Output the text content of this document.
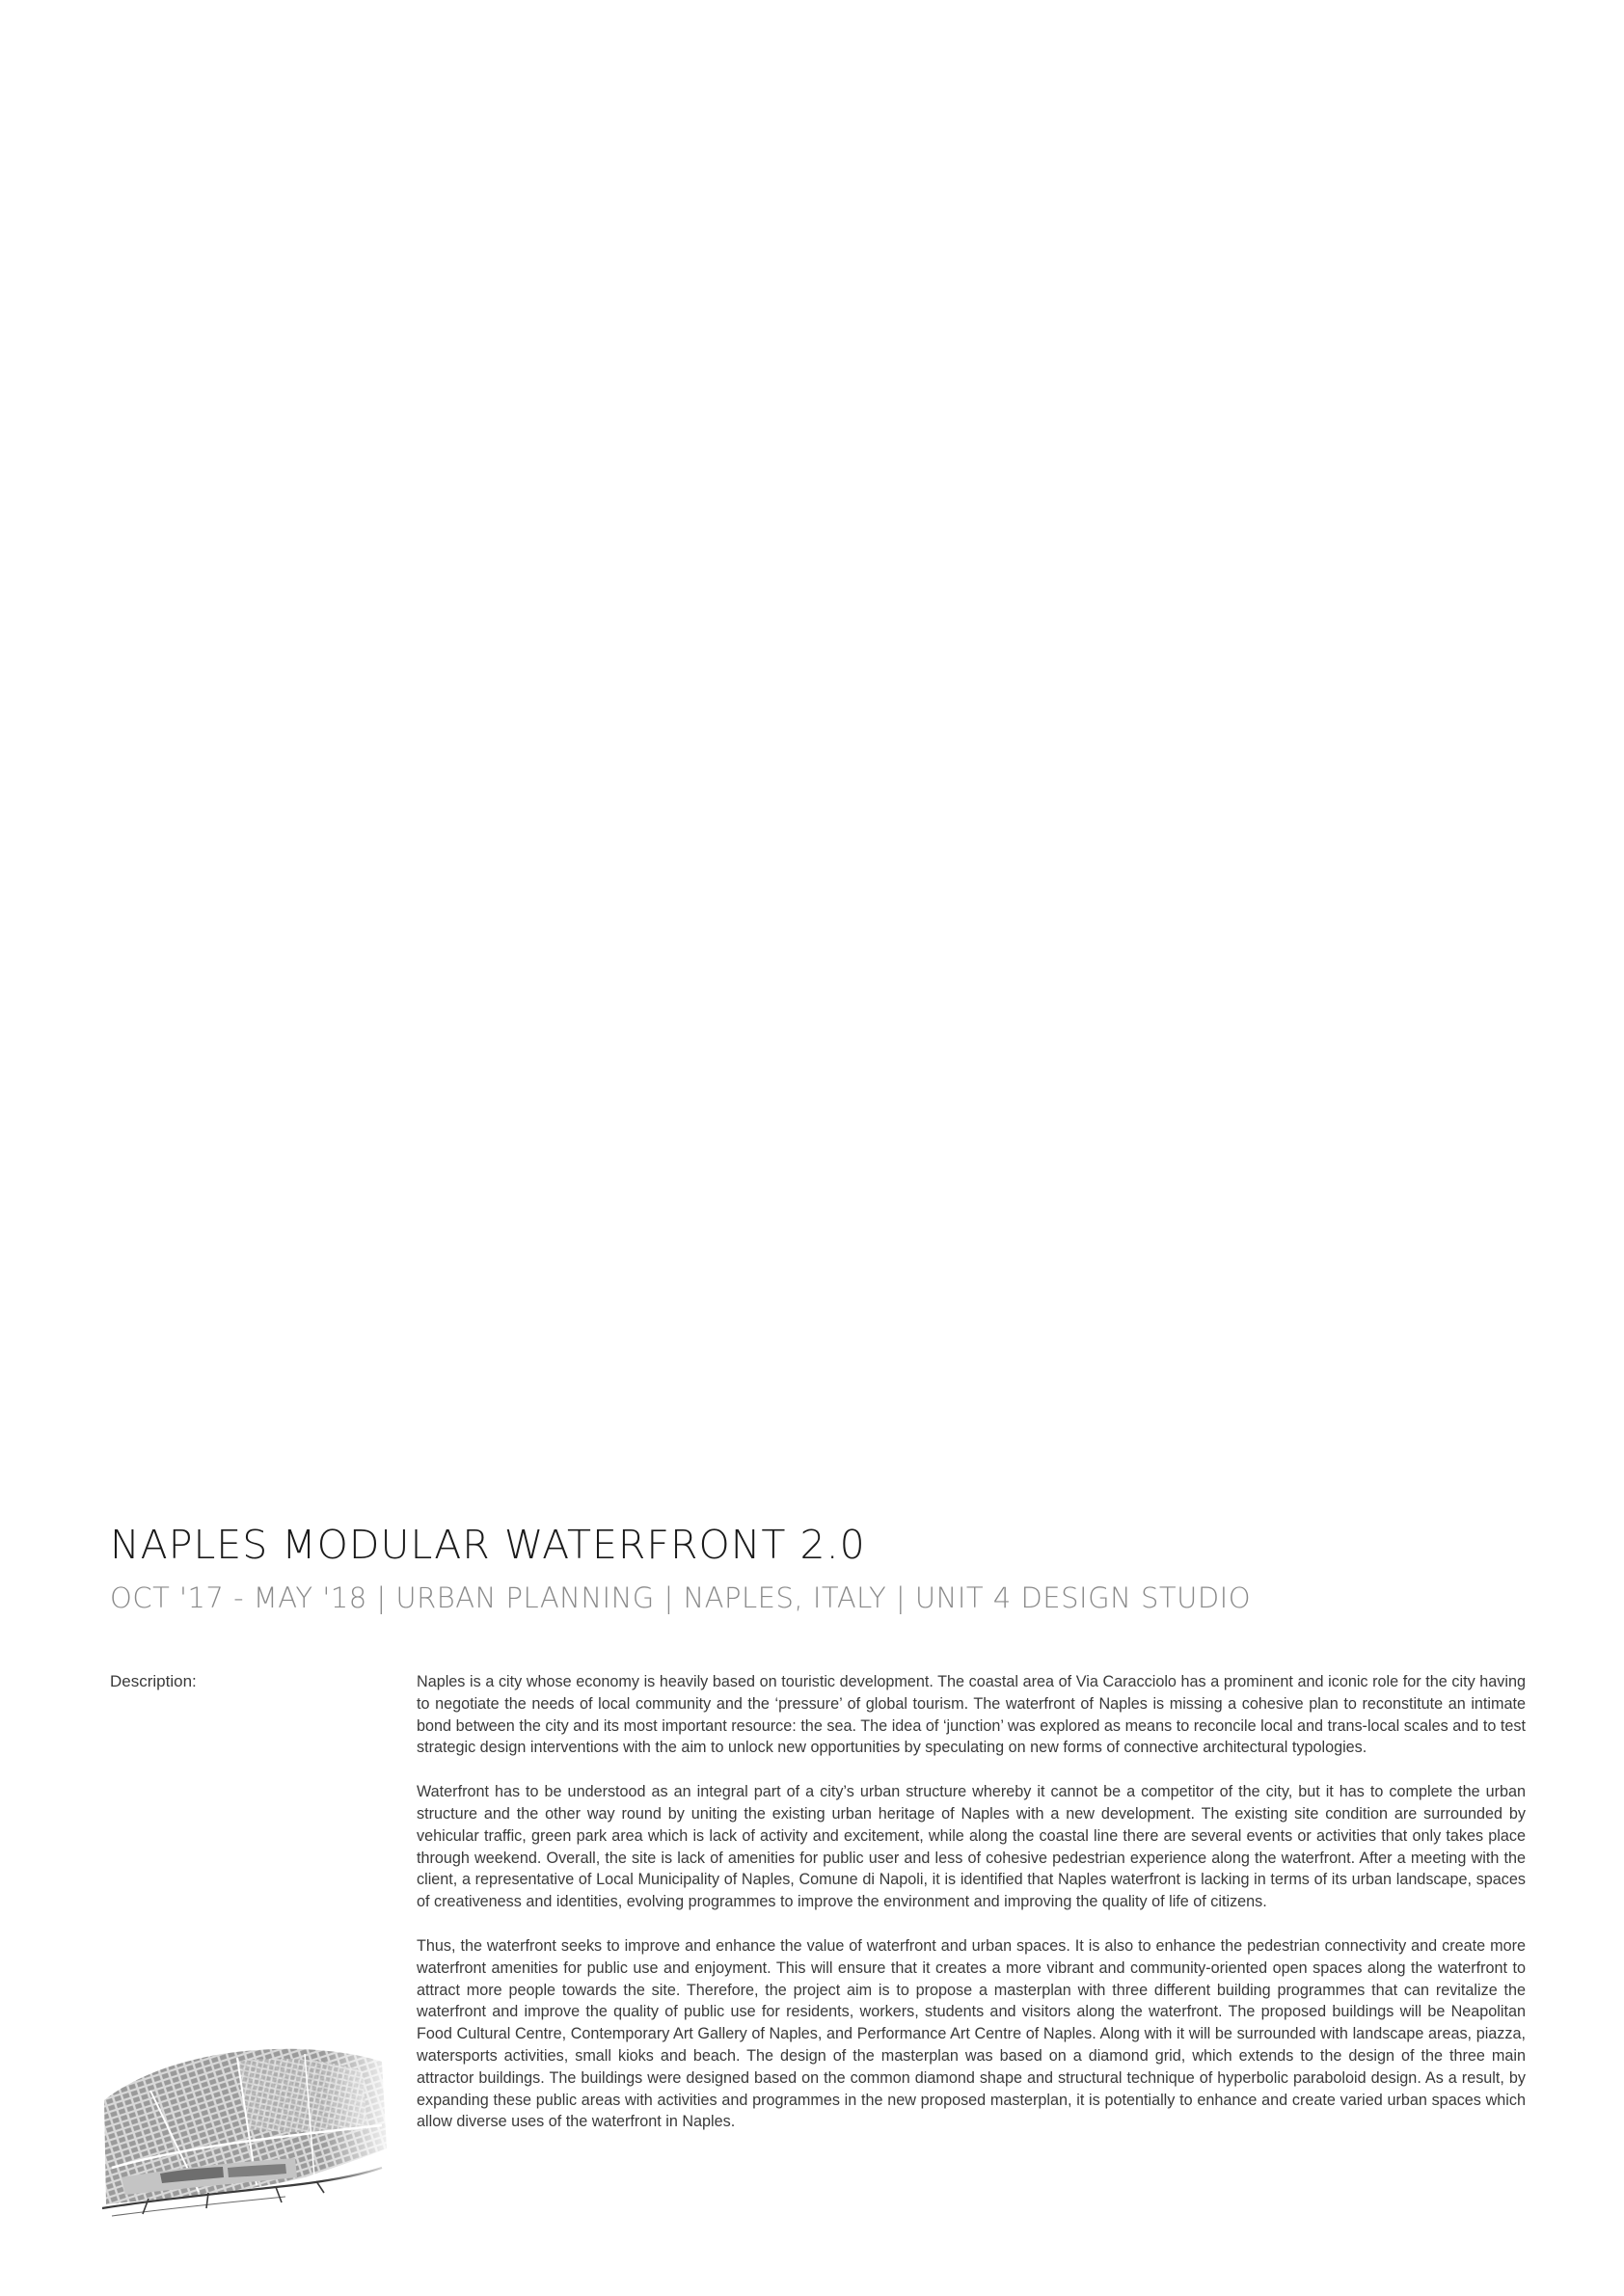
NAPLES MODULAR WATERFRONT 2.0
OCT '17 - MAY '18 | URBAN PLANNING | NAPLES, ITALY | UNIT 4 DESIGN STUDIO
Description:	Naples is a city whose economy is heavily based on touristic development. The coastal area of Via Caracciolo has a prominent and iconic role for the city having to negotiate the needs of local community and the ‘pressure’ of global tourism. The waterfront of Naples is missing a cohesive plan to reconstitute an intimate bond between the city and its most important resource: the sea. The idea of ‘junction’ was explored as means to reconcile local and trans-local scales and to test strategic design interventions with the aim to unlock new opportunities by speculating on new forms of connective architectural typologies.

Waterfront has to be understood as an integral part of a city’s urban structure whereby it cannot be a competitor of the city, but it has to complete the urban structure and the other way round by uniting the existing urban heritage of Naples with a new development. The existing site condition are surrounded by vehicular traffic, green park area which is lack of activity and excitement, while along the coastal line there are several events or activities that only takes place through weekend. Overall, the site is lack of amenities for public user and less of cohesive pedestrian experience along the waterfront. After a meeting with the client, a representative of Local Municipality of Naples, Comune di Napoli, it is identified that Naples waterfront is lacking in terms of its urban landscape, spaces of creativeness and identities, evolving programmes to improve the environment and improving the quality of life of citizens.

Thus, the waterfront seeks to improve and enhance the value of waterfront and urban spaces. It is also to enhance the pedestrian connectivity and create more waterfront amenities for public use and enjoyment. This will ensure that it creates a more vibrant and community-oriented open spaces along the waterfront to attract more people towards the site. Therefore, the project aim is to propose a masterplan with three different building programmes that can revitalize the waterfront and improve the quality of public use for residents, workers, students and visitors along the waterfront. The proposed buildings will be Neapolitan Food Cultural Centre, Contemporary Art Gallery of Naples, and Performance Art Centre of Naples. Along with it will be surrounded with landscape areas, piazza, watersports activities, small kioks and beach. The design of the masterplan was based on a diamond grid, which extends to the design of the three main attractor buildings. The buildings were designed based on the common diamond shape and structural technique of hyperbolic paraboloid design. As a result, by expanding these public areas with activities and programmes in the new proposed masterplan, it is potentially to enhance and create varied urban spaces which allow diverse uses of the waterfront in Naples.
